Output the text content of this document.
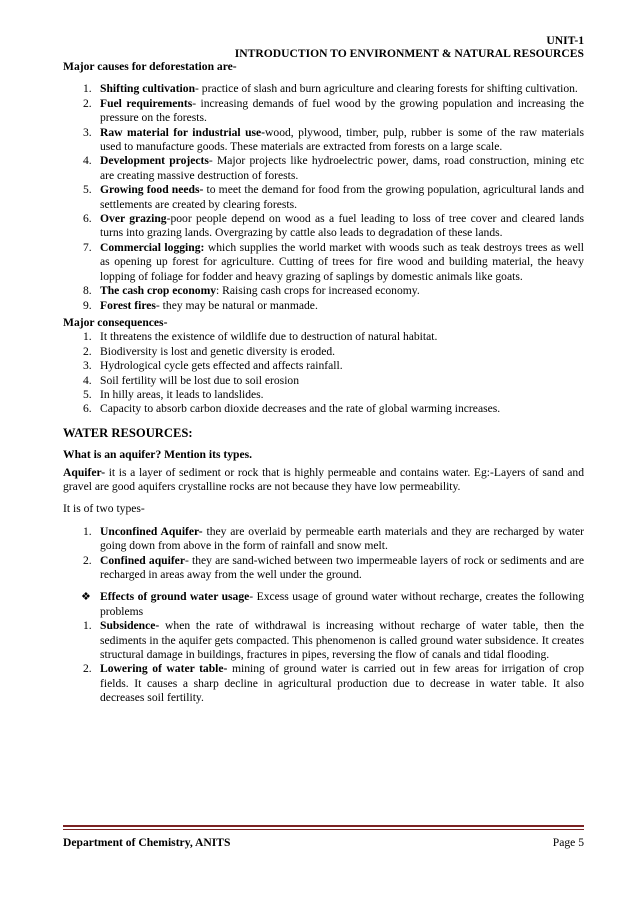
UNIT-1
INTRODUCTION TO ENVIRONMENT & NATURAL RESOURCES
Major causes for deforestation are-
1. Shifting cultivation- practice of slash and burn agriculture and clearing forests for shifting cultivation.
2. Fuel requirements- increasing demands of fuel wood by the growing population and increasing the pressure on the forests.
3. Raw material for industrial use-wood, plywood, timber, pulp, rubber is some of the raw materials used to manufacture goods. These materials are extracted from forests on a large scale.
4. Development projects- Major projects like hydroelectric power, dams, road construction, mining etc are creating massive destruction of forests.
5. Growing food needs- to meet the demand for food from the growing population, agricultural lands and settlements are created by clearing forests.
6. Over grazing-poor people depend on wood as a fuel leading to loss of tree cover and cleared lands turns into grazing lands. Overgrazing by cattle also leads to degradation of these lands.
7. Commercial logging: which supplies the world market with woods such as teak destroys trees as well as opening up forest for agriculture. Cutting of trees for fire wood and building material, the heavy lopping of foliage for fodder and heavy grazing of saplings by domestic animals like goats.
8. The cash crop economy: Raising cash crops for increased economy.
9. Forest fires- they may be natural or manmade.
Major consequences-
1. It threatens the existence of wildlife due to destruction of natural habitat.
2. Biodiversity is lost and genetic diversity is eroded.
3. Hydrological cycle gets effected and affects rainfall.
4. Soil fertility will be lost due to soil erosion
5. In hilly areas, it leads to landslides.
6. Capacity to absorb carbon dioxide decreases and the rate of global warming increases.
WATER RESOURCES:
What is an aquifer? Mention its types.

Aquifer- it is a layer of sediment or rock that is highly permeable and contains water. Eg:-Layers of sand and gravel are good aquifers crystalline rocks are not because they have low permeability.

It is of two types-

1. Unconfined Aquifer- they are overlaid by permeable earth materials and they are recharged by water going down from above in the form of rainfall and snow melt.
2. Confined aquifer- they are sand-wiched between two impermeable layers of rock or sediments and are recharged in areas away from the well under the ground.

❖ Effects of ground water usage- Excess usage of ground water without recharge, creates the following problems

1. Subsidence- when the rate of withdrawal is increasing without recharge of water table, then the sediments in the aquifer gets compacted. This phenomenon is called ground water subsidence. It creates structural damage in buildings, fractures in pipes, reversing the flow of canals and tidal flooding.
2. Lowering of water table- mining of ground water is carried out in few areas for irrigation of crop fields. It causes a sharp decline in agricultural production due to decrease in water table. It also decreases soil fertility.
Department of Chemistry, ANITS	Page 5
